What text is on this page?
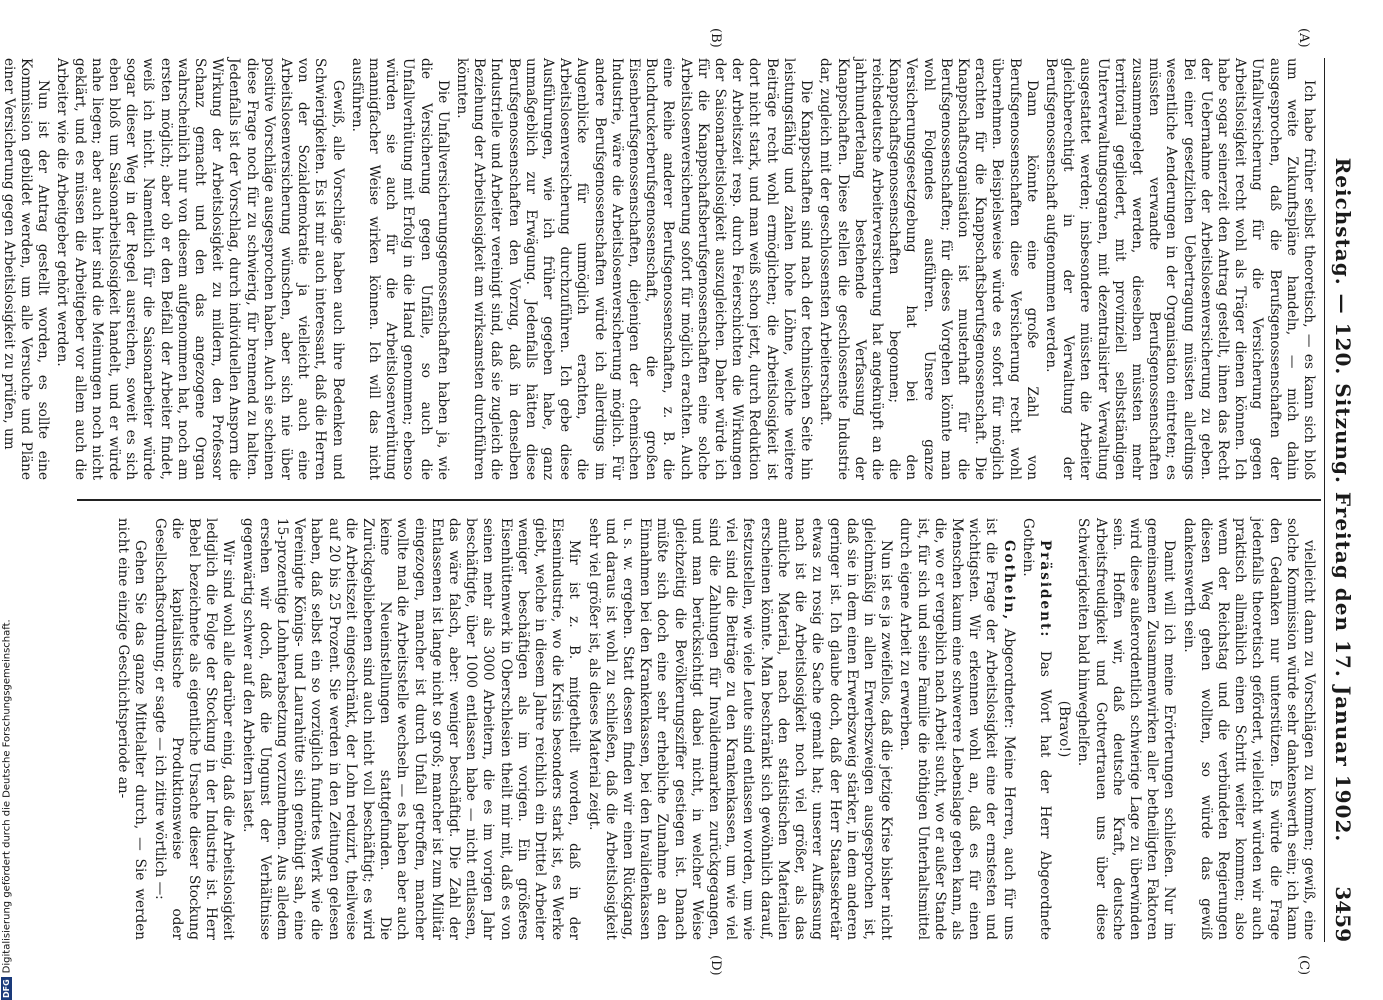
DFGDigitalisierung gefördert durch die Deutsche Forschungsgemeinschaft.	Reichstag. — 120. Sitzung. Freitag den 17. Januar 1902.
3459
(A)
(B)
(C)
(D)

Ich habe früher selbst theoretisch, — es kann sich bloß um weite Zukunftspläne handeln, — mich dahin ausgesprochen, daß die Berufsgenossenschaften der Unfallversicherung für die Versicherung gegen Arbeitslosigkeit recht wohl als Träger dienen können. Ich habe sogar seinerzeit den Antrag gestellt, ihnen das Recht der Uebernahme der Arbeitslosenversicherung zu geben. Bei einer gesetzlichen Uebertragung müssten allerdings wesentliche Aenderungen in der Organisation eintreten; es müssten verwandte Berufsgenossenschaften zusammengelegt werden, dieselben müssten mehr territorial gegliedert, mit provinziell selbstständigen Unterverwaltungsorganen, mit dezentralisirter Verwaltung ausgestattet werden; insbesondere müssten die Arbeiter gleichberechtigt in der Verwaltung der Berufsgenossenschaft aufgenommen werden.

Dann könnte eine große Zahl von Berufsgenossenschaften diese Versicherung recht wohl übernehmen. Beispielsweise würde es sofort für möglich erachten für die Knappschaftsberufsgenossenschaft. Die Knappschaftsorganisation ist musterhaft für die Berufsgenossenschaften; für dieses Vorgehen könnte man wohl Folgendes ausführen. Unsere ganze Versicherungsgesetzgebung hat bei den Knappschaftsgenossenschaften begonnen; die reichsdeutsche Arbeiterversicherung hat angeknüpft an die jahrhundertelang bestehende Verfassung der Knappschaften. Diese stellen die geschlossenste Industrie dar, zugleich mit der geschlossensten Arbeiterschaft.

Die Knappschaften sind nach der technischen Seite hin leistungsfähig und zahlen hohe Löhne, welche weitere Beiträge recht wohl ermöglichen; die Arbeitslosigkeit ist dort nicht stark, und man weiß schon jetzt, durch Reduktion der Arbeitszeit resp. durch Feierschichten die Wirkungen der Saisonarbeitslosigkeit auszugleichen. Daher würde ich für die Knappschaftsberufsgenossenschaften eine solche Arbeitslosenversicherung sofort für möglich erachten. Auch eine Reihe anderer Berufsgenossenschaften, z. B. die Buchdruckerberufsgenossenschaft, die großen Eisenberufsgenossenschaften, diejenigen der chemischen Industrie, wäre die Arbeitslosenversicherung möglich. Für andere Berufsgenossenschaften würde ich allerdings im Augenblicke für unmöglich erachten, die Arbeitslosenversicherung durchzuführen. Ich gebe diese Ausführungen, wie ich früher gegeben habe, ganz unmaßgeblich zur Erwägung. Jedenfalls hätten diese Berufsgenossenschaften den Vorzug, daß in denselben Industrielle und Arbeiter vereinigt sind, daß sie zugleich die Beziehung der Arbeitslosigkeit am wirksamsten durchführen könnten.

Die Unfallversicherungsgenossenschaften haben ja, wie die Versicherung gegen Unfälle, so auch die Unfallverhütung mit Erfolg in die Hand genommen; ebenso würden sie auch für die Arbeitslosenverhütung mannigfacher Weise wirken können. Ich will das nicht ausführen.

Gewiß, alle Vorschläge haben auch ihre Bedenken und Schwierigkeiten. Es ist mir auch interessant, daß die Herren von der Sozialdemokratie ja vielleicht auch eine Arbeitslosenversicherung wünschen, aber sich nie über positive Vorschläge ausgesprochen haben. Auch sie scheinen diese Frage noch für zu schwierig, für brennend zu halten. Jedenfalls ist der Vorschlag, durch individuellen Ansporn die Wirkung der Arbeitslosigkeit zu mildern, den Professor Schanz gemacht und den das angezogene Organ wahrscheinlich nur von diesem aufgenommen hat, noch am ersten möglich; aber ob er den Beifall der Arbeiter findet, weiß ich nicht. Namentlich für die Saisonarbeiter würde sogar dieser Weg in der Regel ausreichen, soweit es sich eben bloß um Saisonarbeitslosigkeit handelt, und er würde nahe liegen; aber auch hier sind die Meinungen noch nicht geklärt, und es müssen die Arbeitgeber vor allem auch die Arbeiter wie die Arbeitgeber gehört werden.

Nun ist der Antrag gestellt worden, es sollte eine Kommission gebildet werden, um alle Versuche und Pläne einer Versicherung gegen Arbeitslosigkeit zu prüfen, um

vielleicht dann zu Vorschlägen zu kommen; gewiß, eine solche Kommission würde sehr dankenswerth sein; ich kann den Gedanken nur unterstützen. Es würde die Frage jedenfalls theoretisch gefördert, vielleicht würden wir auch praktisch allmählich einen Schritt weiter kommen; also wenn der Reichstag und die verbündeten Regierungen diesen Weg gehen wollten, so würde das gewiß dankenswerth sein.

Damit will ich meine Erörterungen schließen. Nur im gemeinsamen Zusammenwirken aller betheiligten Faktoren wird diese außerordentlich schwierige Lage zu überwinden sein. Hoffen wir, daß deutsche Kraft, deutsche Arbeitsfreudigkeit und Gottvertrauen uns über diese Schwierigkeiten bald hinweghelfen.

(Bravo!)

Präsident: Das Wort hat der Herr Abgeordnete Gothein.

Gothein, Abgeordneter: Meine Herren, auch für uns ist die Frage der Arbeitslosigkeit eine der ernstesten und wichtigsten. Wir erkennen wohl an, daß es für einen Menschen kaum eine schwerere Lebenslage geben kann, als die, wo er vergeblich nach Arbeit sucht, wo er außer Stande ist, für sich und seine Familie die nöthigen Unterhaltsmittel durch eigene Arbeit zu erwerben.

Nun ist es ja zweifellos, daß die jetzige Krise bisher nicht gleichmäßig in allen Erwerbszweigen ausgesprochen ist, daß sie in dem einen Erwerbszweig stärker, in dem anderen geringer ist. Ich glaube doch, daß der Herr Staatssekretär etwas zu rosig die Sache gemalt hat; unserer Auffassung nach ist die Arbeitslosigkeit noch viel größer, als das amtliche Material, nach den statistischen Materialien erscheinen könnte. Man beschränkt sich gewöhnlich darauf, festzustellen, wie viele Leute sind entlassen worden, um wie viel sind die Beiträge zu den Krankenkassen, um wie viel sind die Zahlungen für Invalidenmarken zurückgegangen, und man berücksichtigt dabei nicht, in welcher Weise gleichzeitig die Bevölkerungsziffer gestiegen ist. Danach müßte sich doch eine sehr erhebliche Zunahme an den Einnahmen bei den Krankenkassen, bei den Invalidenkassen u. s. w. ergeben. Statt dessen finden wir einen Rückgang, und daraus ist wohl zu schließen, daß die Arbeitslosigkeit sehr viel größer ist, als dieses Material zeigt.

Mir ist z. B. mitgetheilt worden, daß in der Eisenindustrie, wo die Krisis besonders stark ist, es Werke giebt, welche in diesem Jahre reichlich ein Drittel Arbeiter weniger beschäftigen als im vorigen. Ein größeres Eisenhüttenwerk in Oberschlesien theilt mir mit, daß es von seinen mehr als 3000 Arbeitern, die es im vorigen Jahr beschäftigte, über 1000 entlassen habe — nicht entlassen, das wäre falsch, aber: weniger beschäftigt. Die Zahl der Entlassenen ist lange nicht so groß; mancher ist zum Militär eingezogen, mancher ist durch Unfall getroffen, mancher wollte mal die Arbeitsstelle wechseln — es haben aber auch keine Neueinstellungen stattgefunden. Die Zurückgebliebenen sind auch nicht voll beschäftigt; es wird die Arbeitszeit eingeschränkt, der Lohn reduzirt, theilweise auf 20 bis 25 Prozent. Sie werden in den Zeitungen gelesen haben, daß selbst ein so vorzüglich fundirtes Werk wie die Vereinigte Königs- und Laurahütte sich genöthigt sah, eine 15-prozentige Lohnherabsetzung vorzunehmen. Aus alledem ersehen wir doch, daß die Ungunst der Verhältnisse gegenwärtig schwer auf den Arbeitern lastet.

Wir sind wohl alle darüber einig, daß die Arbeitslosigkeit lediglich die Folge der Stockung in der Industrie ist. Herr Bebel bezeichnete als eigentliche Ursache dieser Stockung die kapitalistische Produktionsweise oder Gesellschaftsordnung; er sagte — ich zitire wörtlich —:

Gehen Sie das ganze Mittelalter durch, — Sie werden nicht eine einzige Geschichtsperiode an-
